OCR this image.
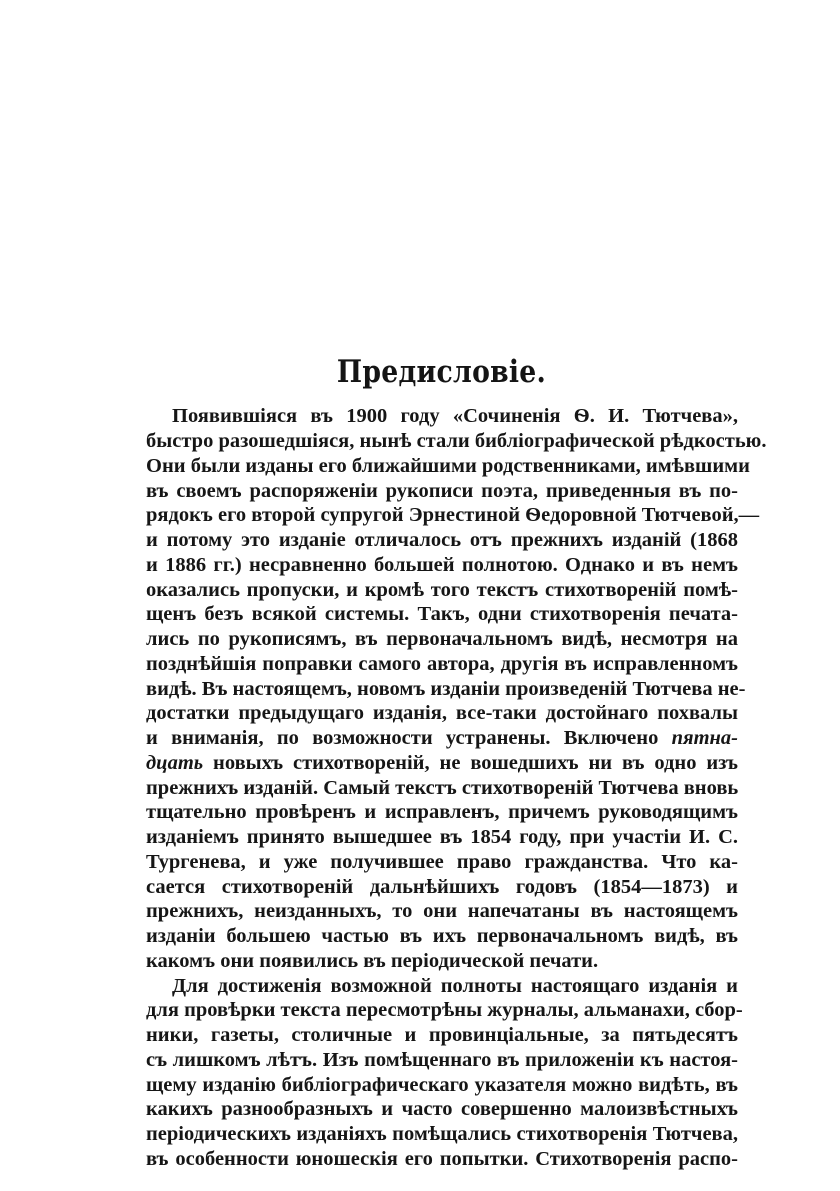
Предисловіе.
Появившіяся въ 1900 году «Сочиненія Ѳ. И. Тютчева»,
быстро разошедшіяся, нынѣ стали библіографической рѣдкостью.
Они были изданы его ближайшими родственниками, имѣвшими
въ своемъ распоряженіи рукописи поэта, приведенныя въ по-
рядокъ его второй супругой Эрнестиной Ѳедоровной Тютчевой,—
и потому это изданіе отличалось отъ прежнихъ изданій (1868
и 1886 гг.) несравненно большей полнотою. Однако и въ немъ
оказались пропуски, и кромѣ того текстъ стихотвореній помѣ-
щенъ безъ всякой системы. Такъ, одни стихотворенія печата-
лись по рукописямъ, въ первоначальномъ видѣ, несмотря на
позднѣйшія поправки самого автора, другія въ исправленномъ
видѣ. Въ настоящемъ, новомъ изданіи произведеній Тютчева не-
достатки предыдущаго изданія, все-таки достойнаго похвалы
и вниманія, по возможности устранены. Включено пятна-
дцать новыхъ стихотвореній, не вошедшихъ ни въ одно изъ
прежнихъ изданій. Самый текстъ стихотвореній Тютчева вновь
тщательно провѣренъ и исправленъ, причемъ руководящимъ
изданіемъ принято вышедшее въ 1854 году, при участіи И. С.
Тургенева, и уже получившее право гражданства. Что ка-
сается стихотвореній дальнѣйшихъ годовъ (1854—1873) и
прежнихъ, неизданныхъ, то они напечатаны въ настоящемъ
изданіи большею частью въ ихъ первоначальномъ видѣ, въ
какомъ они появились въ періодической печати.
Для достиженія возможной полноты настоящаго изданія и
для провѣрки текста пересмотрѣны журналы, альманахи, сбор-
ники, газеты, столичные и провинціальные, за пятьдесятъ
съ лишкомъ лѣтъ. Изъ помѣщеннаго въ приложеніи къ настоя-
щему изданію библіографическаго указателя можно видѣть, въ
какихъ разнообразныхъ и часто совершенно малоизвѣстныхъ
періодическихъ изданіяхъ помѣщались стихотворенія Тютчева,
въ особенности юношескія его попытки. Стихотворенія распо-
